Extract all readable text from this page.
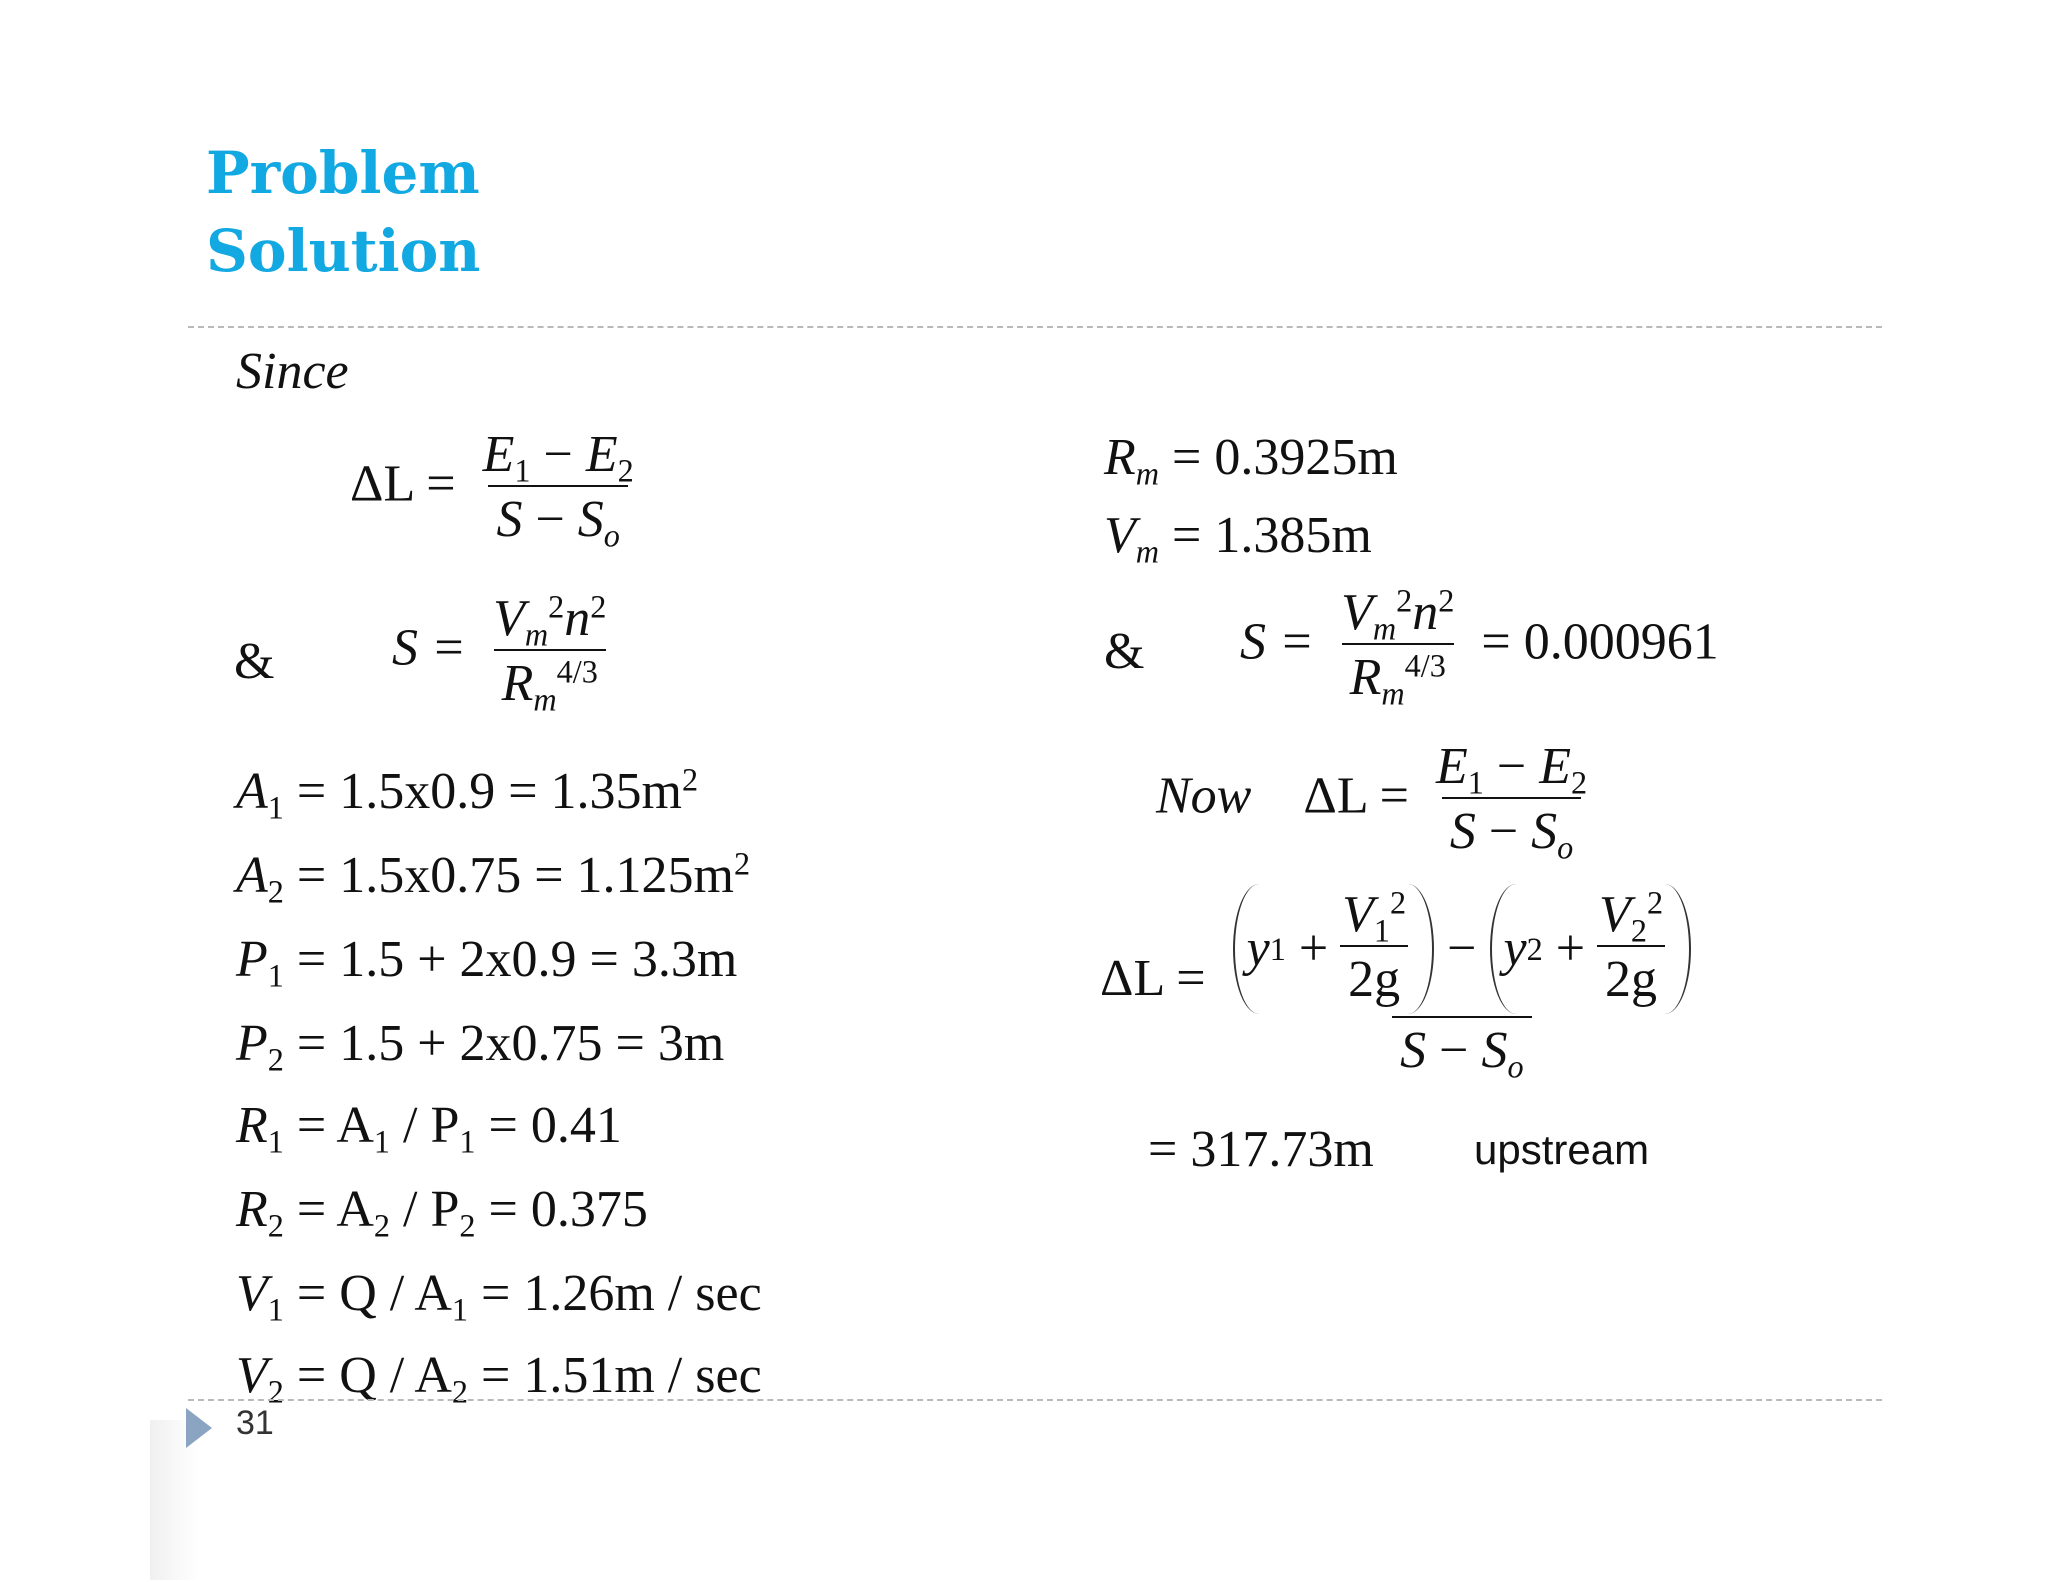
Problem
Solution
Since
$\Delta L = \frac{E_1 - E_2}{S - S_o}$
& $S = \frac{V_m^2n^2}{R_m^{4/3}}$
$A_1 = 1.5x0.9 = 1.35m^2$
$A_2 = 1.5x0.75 = 1.125m^2$
$P_1 = 1.5 + 2x0.9 = 3.3m$
$P_2 = 1.5 + 2x0.75 = 3m$
$R_1 = A_1 / P_1 = 0.41$
$R_2 = A_2 / P_2 = 0.375$
$V_1 = Q / A_1 = 1.26m / \sec$
$V_2 = Q / A_2 = 1.51m / \sec$
$R_m = 0.3925m$
$V_m = 1.385m$
& $S = \frac{V_m^2n^2}{R_m^{4/3}} = 0.000961$
Now $\Delta L = \frac{E_1 - E_2}{S - S_o}$
ΔL =
y 1
+ $\frac{V_1^2}{2g} - y$ 2
+ $\frac{V_2^2}{2g}$
$S - S_o$
= 317.73m upstream
31
